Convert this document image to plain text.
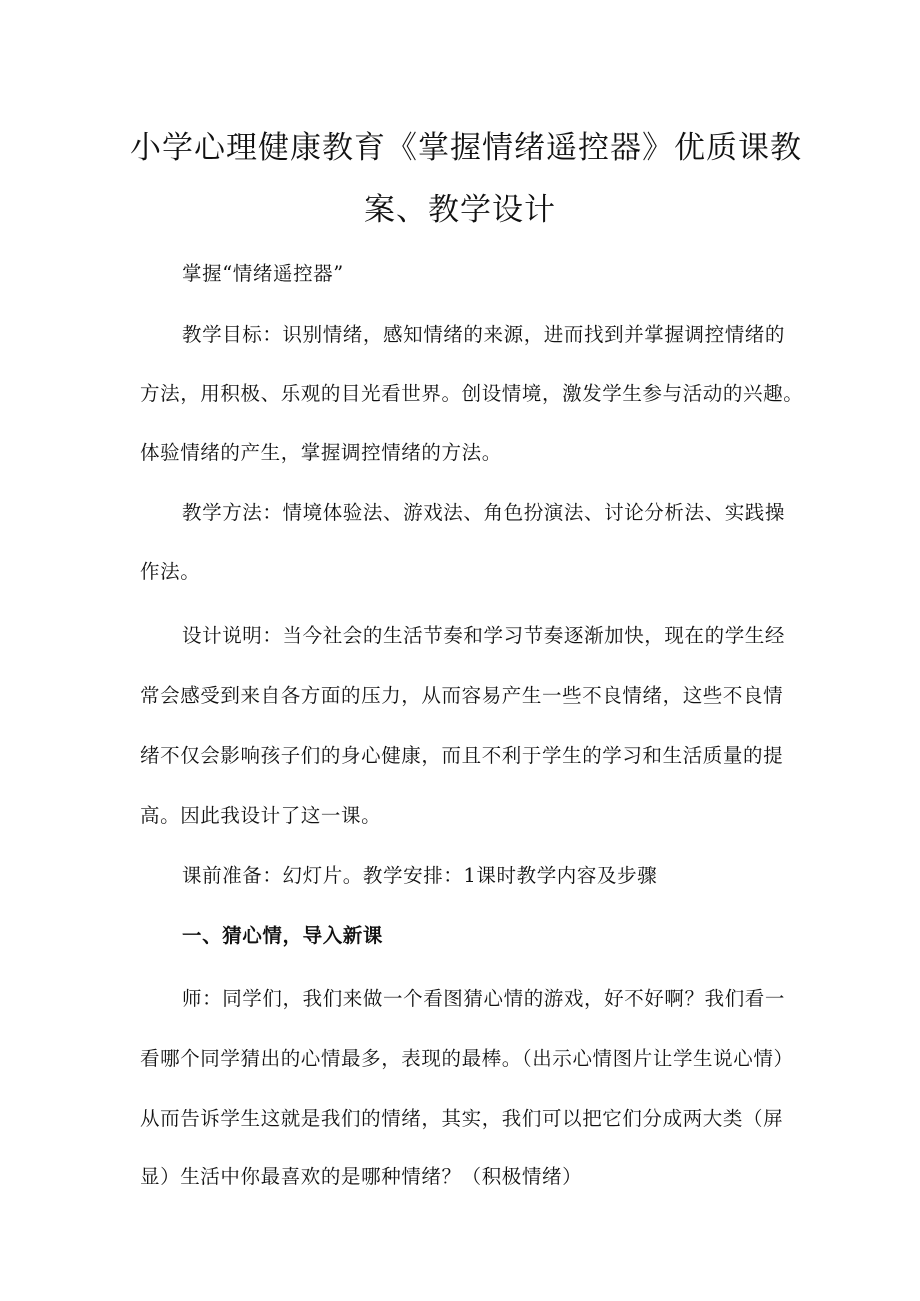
小学心理健康教育《掌握情绪遥控器》优质课教
案、教学设计

掌握“情绪遥控器”

教学目标：识别情绪，感知情绪的来源，进而找到并掌握调控情绪的

方法，用积极、乐观的目光看世界。创设情境，激发学生参与活动的兴趣。

体验情绪的产生，掌握调控情绪的方法。

教学方法：情境体验法、游戏法、角色扮演法、讨论分析法、实践操

作法。

设计说明：当今社会的生活节奏和学习节奏逐渐加快，现在的学生经

常会感受到来自各方面的压力，从而容易产生一些不良情绪，这些不良情

绪不仅会影响孩子们的身心健康，而且不利于学生的学习和生活质量的提

高。因此我设计了这一课。

课前准备：幻灯片。教学安排：1课时教学内容及步骤

一、猜心情，导入新课

师：同学们，我们来做一个看图猜心情的游戏，好不好啊？我们看一

看哪个同学猜出的心情最多，表现的最棒。（出示心情图片让学生说心情）

从而告诉学生这就是我们的情绪，其实，我们可以把它们分成两大类（屏

显）生活中你最喜欢的是哪种情绪？（积极情绪）
